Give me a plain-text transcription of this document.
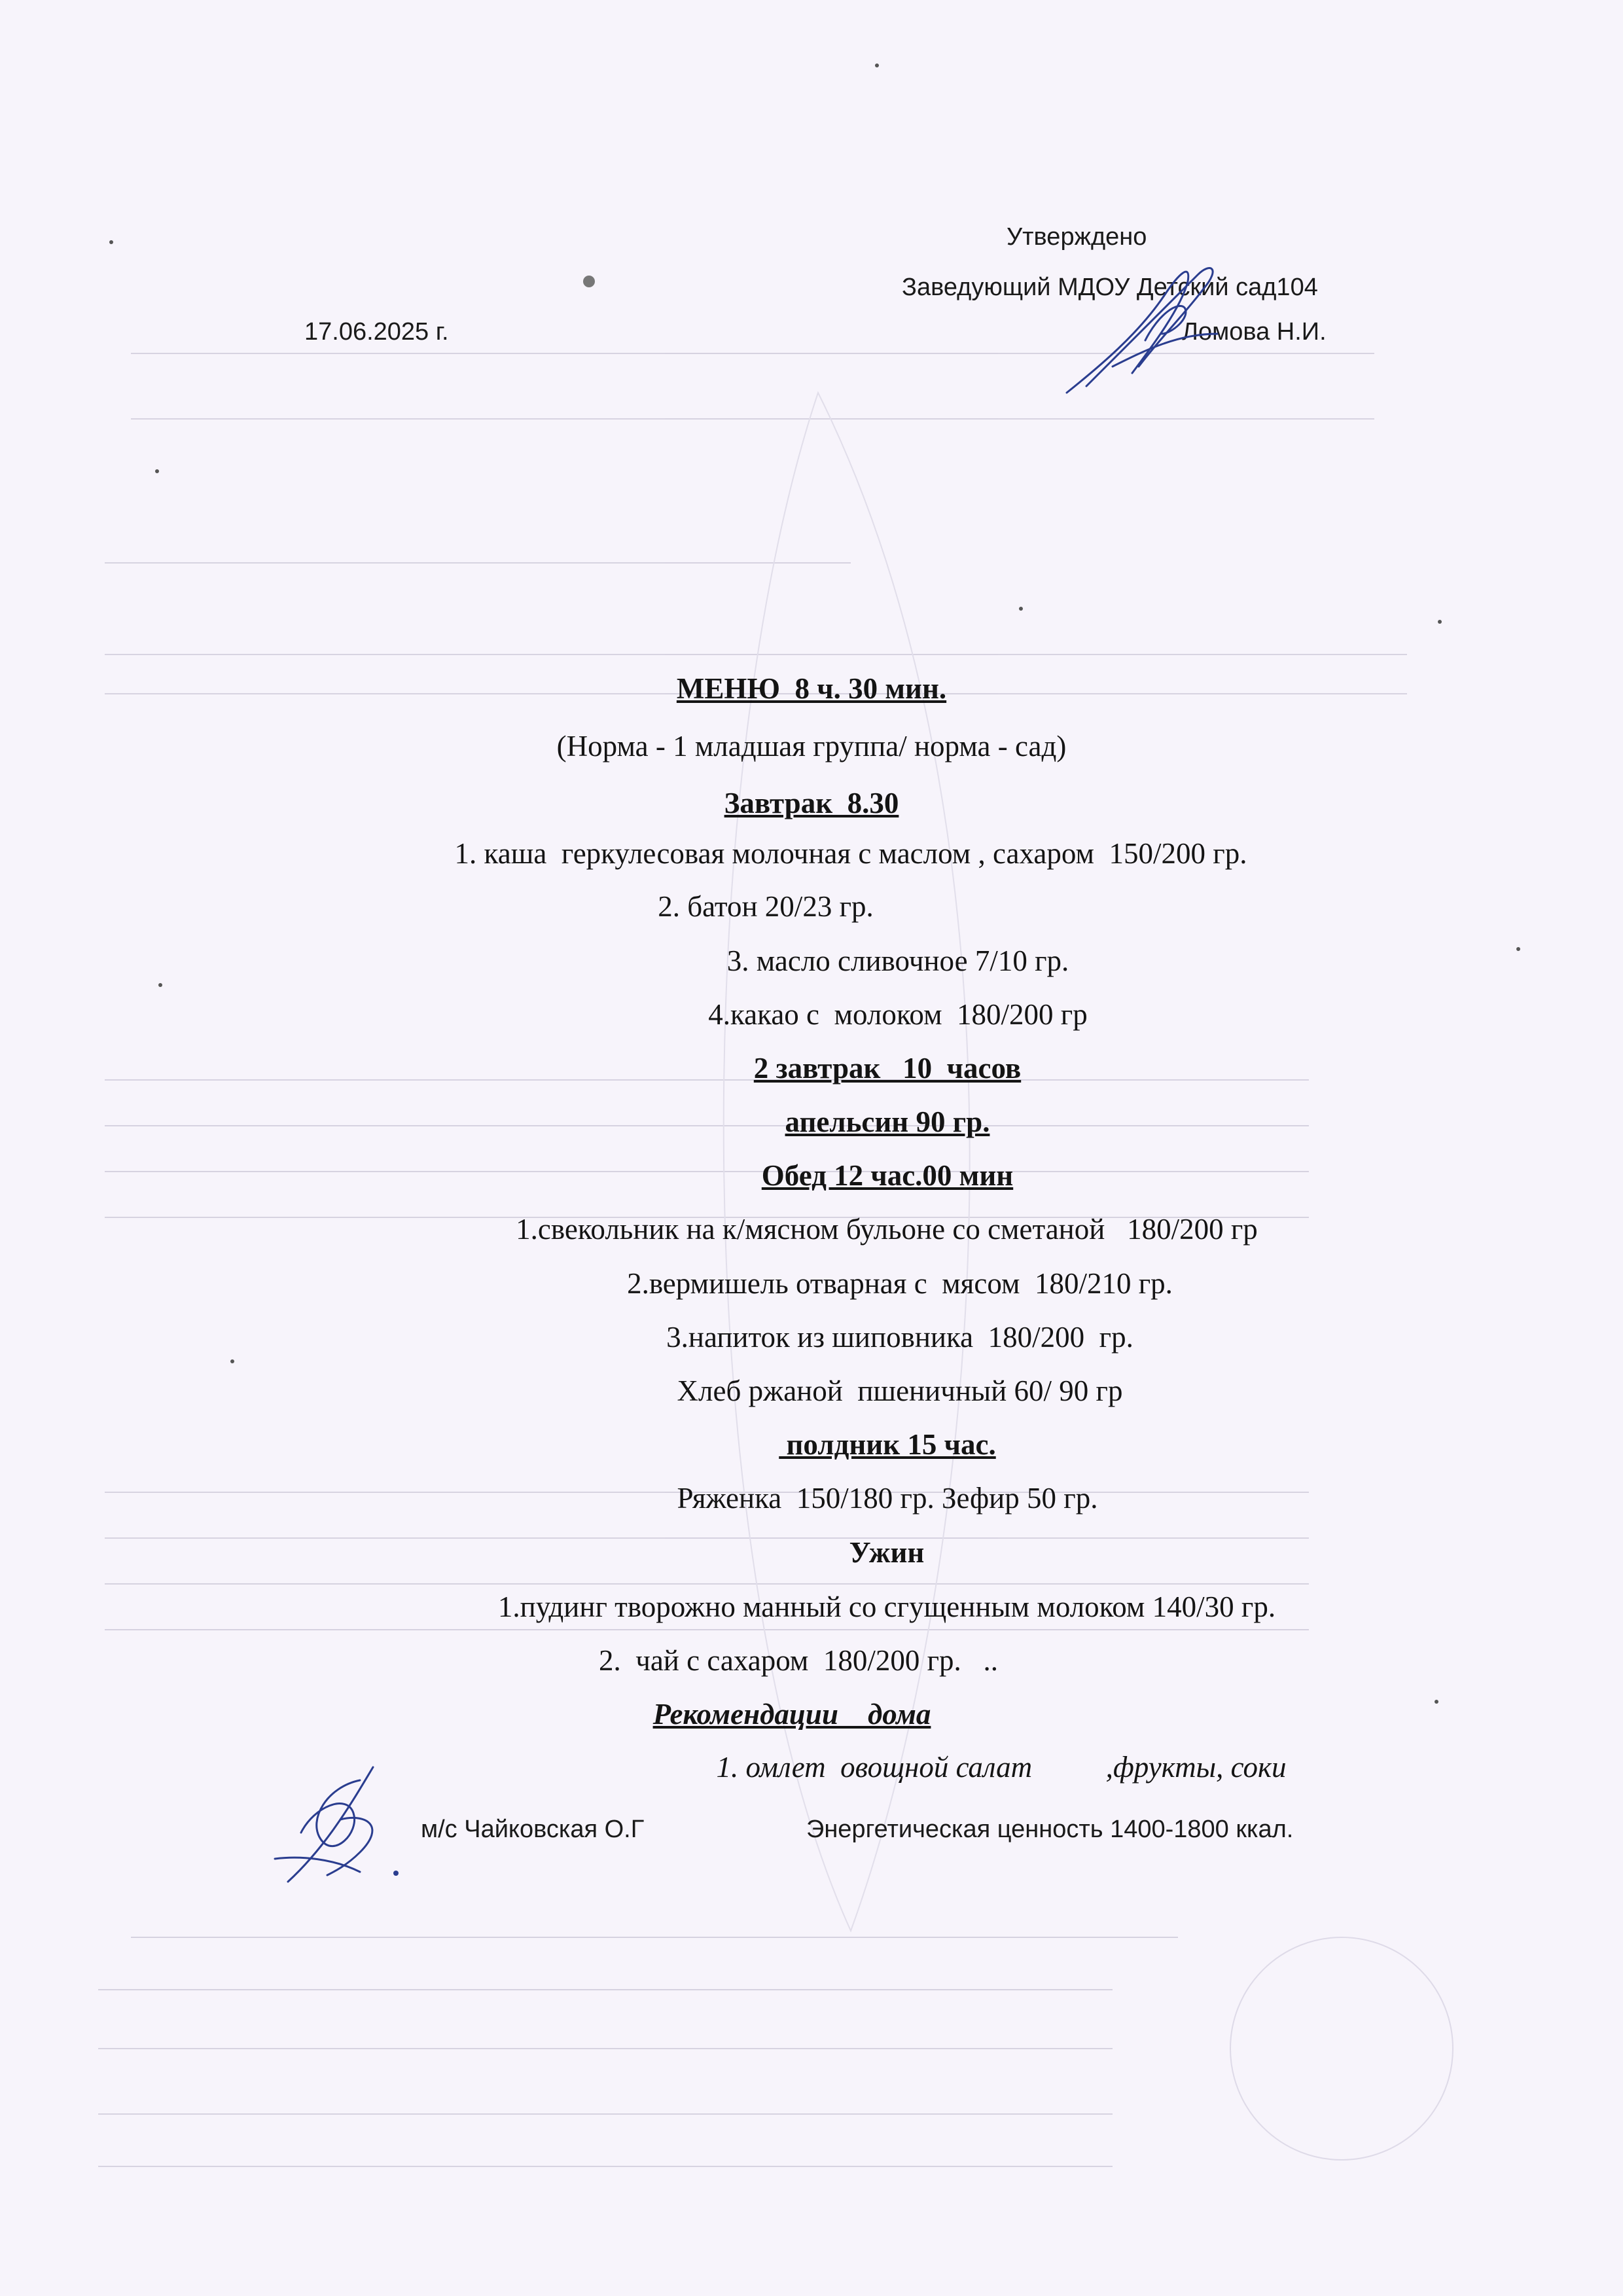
Утверждено
Заведующий МДОУ Детский сад104
17.06.2025 г.	Ломова Н.И.
МЕНЮ  8 ч. 30 мин.
(Норма - 1 младшая группа/ норма - сад)
Завтрак  8.30
1. каша  геркулесовая молочная с маслом , сахаром  150/200 гр.
2. батон 20/23 гр.
3. масло сливочное 7/10 гр.
4.какао с  молоком  180/200 гр
2 завтрак   10  часов
апельсин 90 гр.
Обед 12 час.00 мин
1.свекольник на к/мясном бульоне со сметаной   180/200 гр
2.вермишель отварная с  мясом  180/210 гр.
3.напиток из шиповника  180/200  гр.
Хлеб ржаной  пшеничный 60/ 90 гр
полдник 15 час.
Ряженка  150/180 гр. Зефир 50 гр.
Ужин
1.пудинг творожно манный со сгущенным молоком 140/30 гр.
2.  чай с сахаром  180/200 гр.   ..
Рекомендации    дома
1. омлет  овощной салат          ,фрукты, соки
м/с Чайковская О.Г	Энергетическая ценность 1400-1800 ккал.
